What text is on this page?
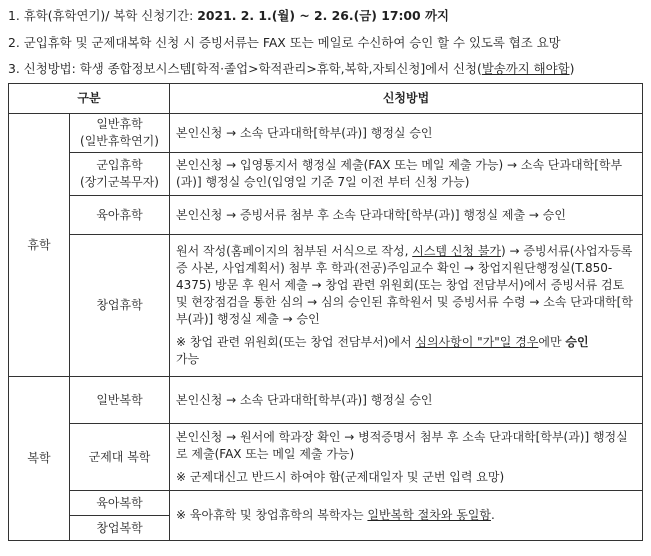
1. 휴학(휴학연기)/ 복학 신청기간: 2021. 2. 1.(월) ~ 2. 26.(금) 17:00 까지
2. 군입휴학 및 군제대복학 신청 시 증빙서류는 FAX 또는 메일로 수신하여 승인 할 수 있도록 협조 요망
3. 신청방법: 학생 종합정보시스템[학적·졸업>학적관리>휴학,복학,자퇴신청]에서 신청(발송까지 해야함)
구분		신청방법
휴학	일반휴학
(일반휴학연기)	본인신청 → 소속 단과대학[학부(과)] 행정실 승인

	군입휴학
(장기군복무자)	본인신청 → 입영통지서 행정실 제출(FAX 또는 메일 제출 가능) → 소속 단과대학[학부(과)] 행정실 승인(입영일 기준 7일 이전 부터 신청 가능)
	육아휴학	본인신청 → 증빙서류 첨부 후 소속 단과대학[학부(과)] 행정실 제출 → 승인
	창업휴학	원서 작성(홈페이지의 첨부된 서식으로 작성, 시스템 신청 불가) → 증빙서류(사업자등록증 사본, 사업계획서) 첨부 후 학과(전공)주임교수 확인 → 창업지원단행정실(T.850-4375) 방문 후 원서 제출 → 창업 관련 위원회(또는 창업 전담부서)에서 증빙서류 검토 및 현장점검을 통한 심의 → 심의 승인된 휴학원서 및 증빙서류 수령 → 소속 단과대학[학부(과)] 행정실 제출 → 승인
※ 창업 관련 위원회(또는 창업 전담부서)에서 심의사항이 "가"일 경우에만 승인
가능

복학	일반복학	본인신청 → 소속 단과대학[학부(과)] 행정실 승인
	군제대 복학	본인신청 → 원서에 학과장 확인 → 병적증명서 첨부 후 소속 단과대학[학부(과)] 행정실로 제출(FAX 또는 메일 제출 가능)
※ 군제대신고 반드시 하여야 함(군제대일자 및 군번 입력 요망)

	육아복학	※ 육아휴학 및 창업휴학의 복학자는 일반복학 절차와 동일함.
	창업복학	
